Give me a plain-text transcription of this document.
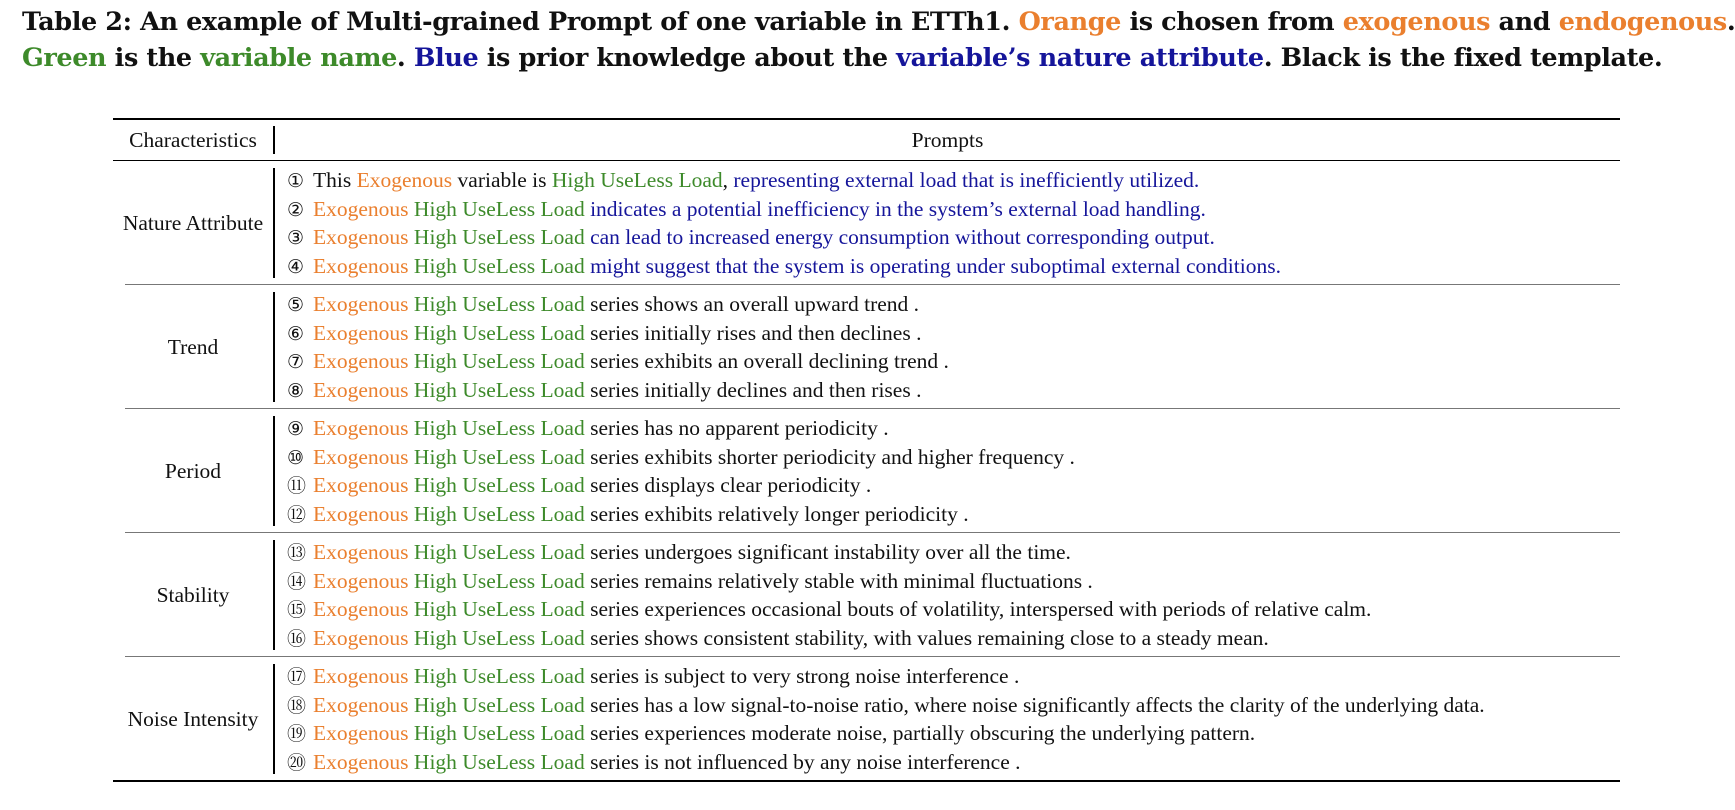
Table 2: An example of Multi-grained Prompt of one variable in ETTh1. Orange is chosen from exogenous and endogenous.
Green is the variable name. Blue is prior knowledge about the variable’s nature attribute. Black is the fixed template.
Characteristics	Prompts
Nature Attribute
① This Exogenous variable is High UseLess Load, representing external load that is inefficiently utilized.
② Exogenous High UseLess Load indicates a potential inefficiency in the system’s external load handling.
③ Exogenous High UseLess Load can lead to increased energy consumption without corresponding output.
④ Exogenous High UseLess Load might suggest that the system is operating under suboptimal external conditions.
Trend
⑤ Exogenous High UseLess Load series shows an overall upward trend .
⑥ Exogenous High UseLess Load series initially rises and then declines .
⑦ Exogenous High UseLess Load series exhibits an overall declining trend .
⑧ Exogenous High UseLess Load series initially declines and then rises .
Period
⑨ Exogenous High UseLess Load series has no apparent periodicity .
⑩ Exogenous High UseLess Load series exhibits shorter periodicity and higher frequency .
⑪ Exogenous High UseLess Load series displays clear periodicity .
⑫ Exogenous High UseLess Load series exhibits relatively longer periodicity .
Stability
⑬ Exogenous High UseLess Load series undergoes significant instability over all the time.
⑭ Exogenous High UseLess Load series remains relatively stable with minimal fluctuations .
⑮ Exogenous High UseLess Load series experiences occasional bouts of volatility, interspersed with periods of relative calm.
⑯ Exogenous High UseLess Load series shows consistent stability, with values remaining close to a steady mean.
Noise Intensity
⑰ Exogenous High UseLess Load series is subject to very strong noise interference .
⑱ Exogenous High UseLess Load series has a low signal-to-noise ratio, where noise significantly affects the clarity of the underlying data.
⑲ Exogenous High UseLess Load series experiences moderate noise, partially obscuring the underlying pattern.
⑳ Exogenous High UseLess Load series is not influenced by any noise interference .
